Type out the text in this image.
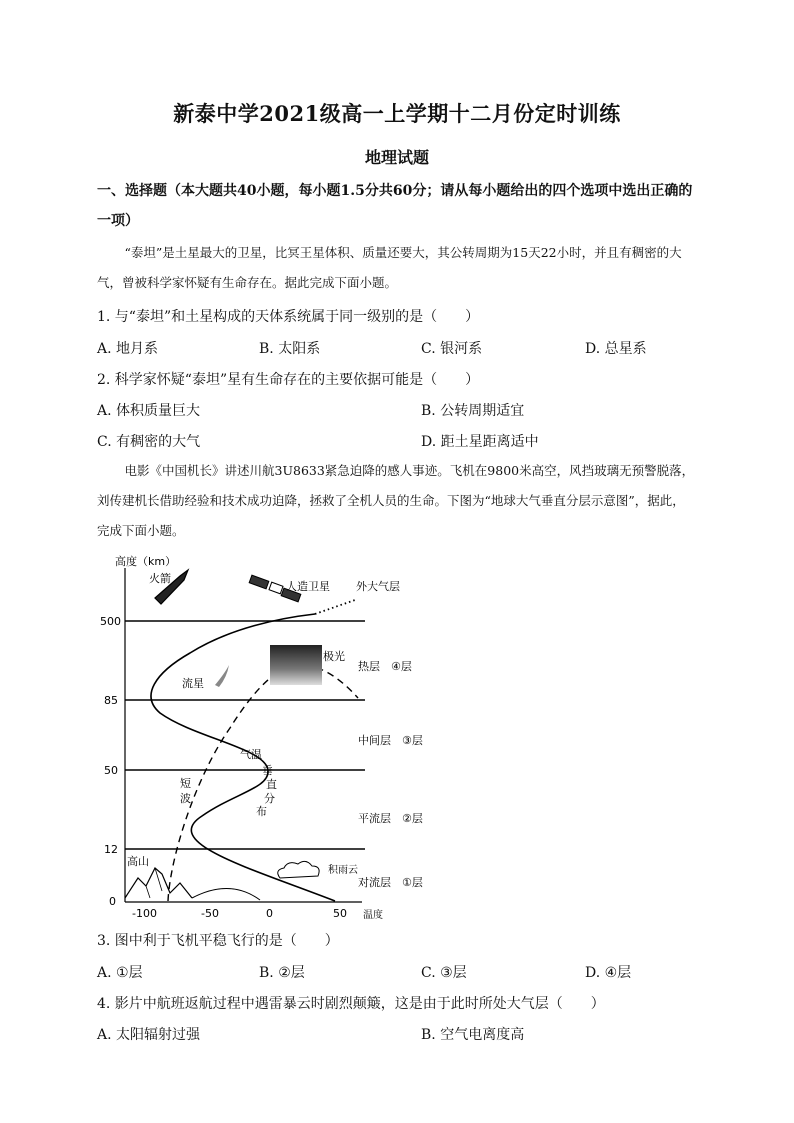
新泰中学2021级高一上学期十二月份定时训练
地理试题
一、选择题（本大题共40小题，每小题1.5分共60分；请从每小题给出的四个选项中选出正确的一项）
“泰坦”是土星最大的卫星，比冥王星体积、质量还要大，其公转周期为15天22小时，并且有稠密的大气，曾被科学家怀疑有生命存在。据此完成下面小题。
1. 与“泰坦”和土星构成的天体系统属于同一级别的是（　　）
A. 地月系	B. 太阳系	C. 银河系	D. 总星系
2. 科学家怀疑“泰坦”星有生命存在的主要依据可能是（　　）
A. 体积质量巨大	B. 公转周期适宜
C. 有稠密的大气	D. 距土星距离适中
电影《中国机长》讲述川航3U8633紧急迫降的感人事迹。飞机在9800米高空，风挡玻璃无预警脱落，刘传建机长借助经验和技术成功迫降，拯救了全机人员的生命。下图为“地球大气垂直分层示意图”，据此，完成下面小题。
500
85
50
12
0
-100	-50	0	50
高度（km）
温度
火箭
人造卫星 外大气层
极光
热层　④层
流星
中间层　③层
平流层　②层
对流层　①层
积雨云
高山
气温
垂
直
分
布
短
波
3. 图中利于飞机平稳飞行的是（　　）
A. ①层	B. ②层	C. ③层	D. ④层
4. 影片中航班返航过程中遇雷暴云时剧烈颠簸，这是由于此时所处大气层（　　）
A. 太阳辐射过强	B. 空气电离度高
